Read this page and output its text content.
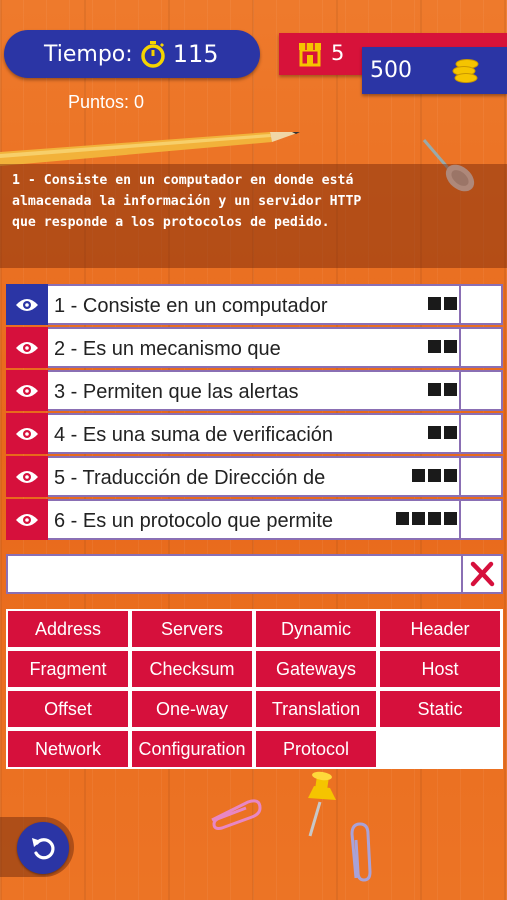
Tiempo: 115	5
500
Puntos: 0
1 - Consiste en un computador en donde está
almacenada la información y un servidor HTTP
que responde a los protocolos de pedido.
1 - Consiste en un computador
2 - Es un mecanismo que
3 - Permiten que las alertas
4 - Es una suma de verificación
5 - Traducción de Dirección de
6 - Es un protocolo que permite
Address	Servers	Dynamic	Header
Fragment	Checksum	Gateways	Host
Offset	One-way	Translation	Static
Network	Configuration	Protocol
